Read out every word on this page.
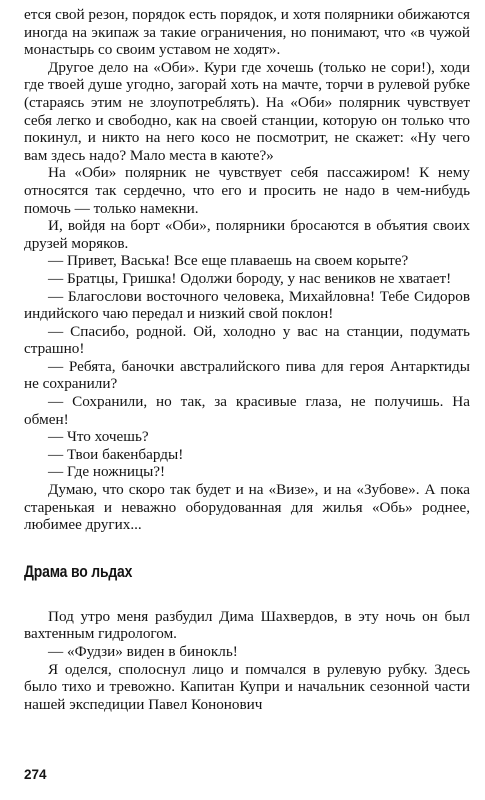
ется свой резон, порядок есть порядок, и хотя полярники обижаются иногда на экипаж за такие ограничения, но понимают, что «в чужой монастырь со своим уставом не ходят».

Другое дело на «Оби». Кури где хочешь (только не сори!), ходи где твоей душе угодно, загорай хоть на мачте, торчи в рулевой рубке (стараясь этим не злоупотреблять). На «Оби» полярник чувствует себя легко и свободно, как на своей станции, которую он только что покинул, и никто на него косо не посмотрит, не скажет: «Ну чего вам здесь надо? Мало места в каюте?»

На «Оби» полярник не чувствует себя пассажиром! К нему относятся так сердечно, что его и просить не надо в чем-нибудь помочь — только намекни.

И, войдя на борт «Оби», полярники бросаются в объятия своих друзей моряков.

— Привет, Васька! Все еще плаваешь на своем корыте?

— Братцы, Гришка! Одолжи бороду, у нас веников не хватает!

— Благослови восточного человека, Михайловна! Тебе Сидоров индийского чаю передал и низкий свой поклон!

— Спасибо, родной. Ой, холодно у вас на станции, подумать страшно!

— Ребята, баночки австралийского пива для героя Антарктиды не сохранили?

— Сохранили, но так, за красивые глаза, не получишь. На обмен!

— Что хочешь?

— Твои бакенбарды!

— Где ножницы?!

Думаю, что скоро так будет и на «Визе», и на «Зубове». А пока старенькая и неважно оборудованная для жилья «Обь» роднее, любимее других...

Драма во льдах

Под утро меня разбудил Дима Шахвердов, в эту ночь он был вахтенным гидрологом.

— «Фудзи» виден в бинокль!

Я оделся, сполоснул лицо и помчался в рулевую рубку. Здесь было тихо и тревожно. Капитан Купри и начальник сезонной части нашей экспедиции Павел Кононович

274
